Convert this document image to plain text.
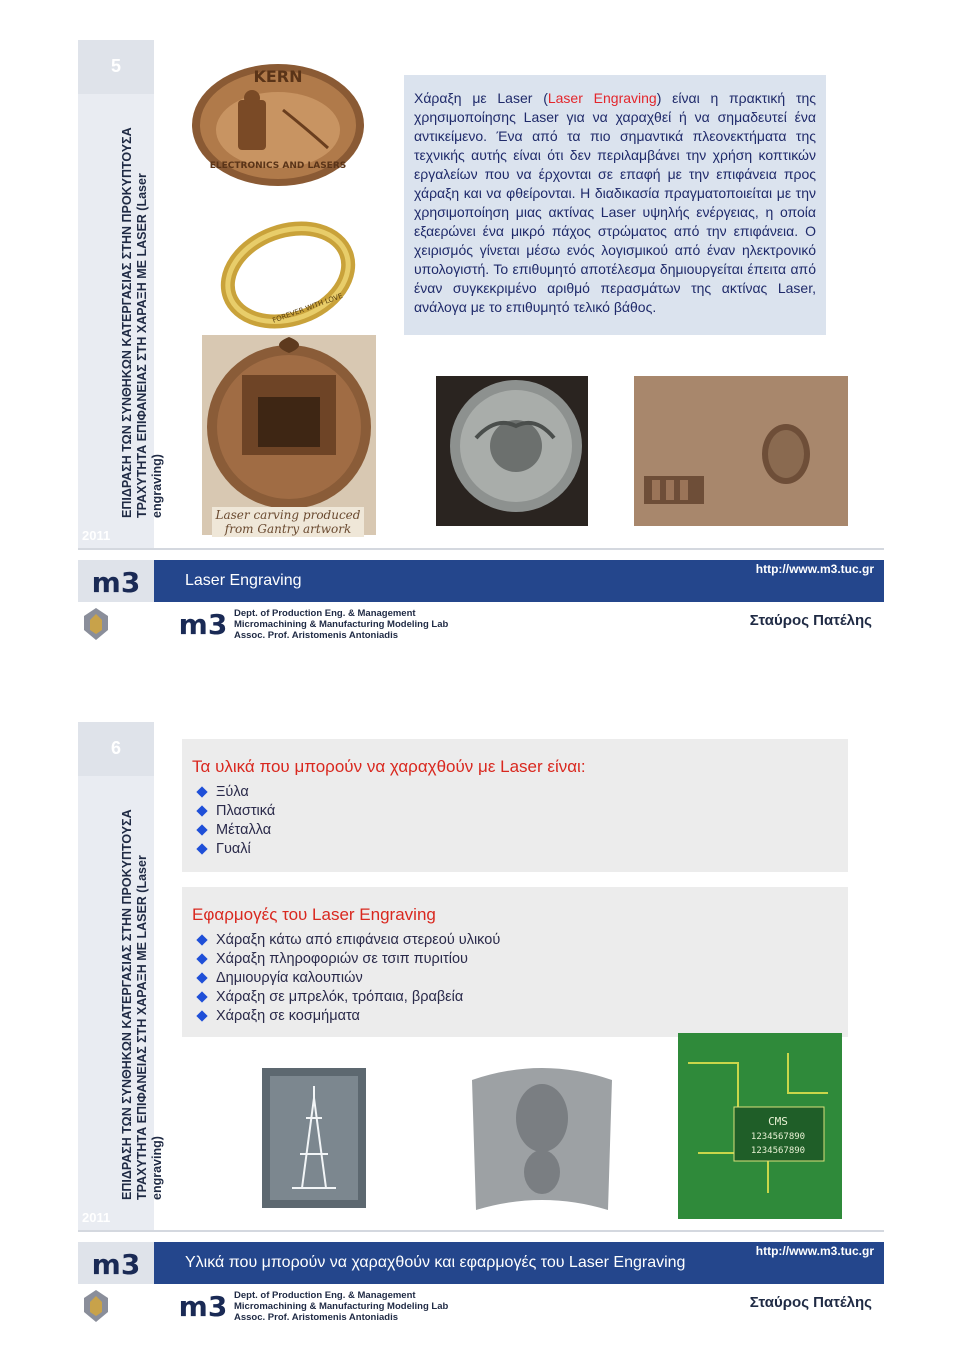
5
ΕΠΙΔΡΑΣΗ ΤΩΝ ΣΥΝΘΗΚΩΝ ΚΑΤΕΡΓΑΣΙΑΣ ΣΤΗΝ ΠΡΟΚΥΠΤΟΥΣΑ ΤΡΑΧΥΤΗΤΑ ΕΠΙΦΑΝΕΙΑΣ ΣΤΗ ΧΑΡΑΞΗ ΜΕ LASER (Laser engraving)
2011
KERN
ELECTRONICS AND LASERS
FOREVER WITH LOVE
Laser carving produced
from Gantry artwork
Χάραξη με Laser (Laser Engraving) είναι η πρακτική της χρησιμοποίησης Laser για να χαραχθεί ή να σημαδευτεί ένα αντικείμενο. Ένα από τα πιο σημαντικά πλεονεκτήματα της τεχνικής αυτής είναι ότι δεν περιλαμβάνει την χρήση κοπτικών εργαλείων που να έρχονται σε επαφή με την επιφάνεια προς χάραξη και να φθείρονται. Η διαδικασία πραγματοποιείται με την χρησιμοποίηση μιας ακτίνας Laser υψηλής ενέργειας, η οποία εξαερώνει ένα μικρό πάχος στρώματος από την επιφάνεια. Ο χειρισμός γίνεται μέσω ενός λογισμικού από έναν ηλεκτρονικό υπολογιστή. Το επιθυμητό αποτέλεσμα δημιουργείται έπειτα από έναν συγκεκριμένο αριθμό περασμάτων της ακτίνας Laser, ανάλογα με το επιθυμητό τελικό βάθος.
m3	Laser Engraving
http://www.m3.tuc.gr
m3 Dept. of Production Eng. & Management
Micromachining & Manufacturing Modeling Lab
Assoc. Prof. Aristomenis Antoniadis
Σταύρος Πατέλης
6
ΕΠΙΔΡΑΣΗ ΤΩΝ ΣΥΝΘΗΚΩΝ ΚΑΤΕΡΓΑΣΙΑΣ ΣΤΗΝ ΠΡΟΚΥΠΤΟΥΣΑ ΤΡΑΧΥΤΗΤΑ ΕΠΙΦΑΝΕΙΑΣ ΣΤΗ ΧΑΡΑΞΗ ΜΕ LASER (Laser engraving)
2011
Τα υλικά που μπορούν να χαραχθούν με Laser είναι:
Ξύλα
Πλαστικά
Μέταλλα
Γυαλί
Εφαρμογές του Laser Engraving
Χάραξη κάτω από επιφάνεια στερεού υλικού
Χάραξη πληροφοριών σε τσιπ πυριτίου
Δημιουργία καλουπιών
Χάραξη σε μπρελόκ, τρόπαια, βραβεία
Χάραξη σε κοσμήματα
CMS
1234567890
1234567890
m3	Υλικά που μπορούν να χαραχθούν και εφαρμογές του Laser Engraving
http://www.m3.tuc.gr
m3 Dept. of Production Eng. & Management
Micromachining & Manufacturing Modeling Lab
Assoc. Prof. Aristomenis Antoniadis
Σταύρος Πατέλης
